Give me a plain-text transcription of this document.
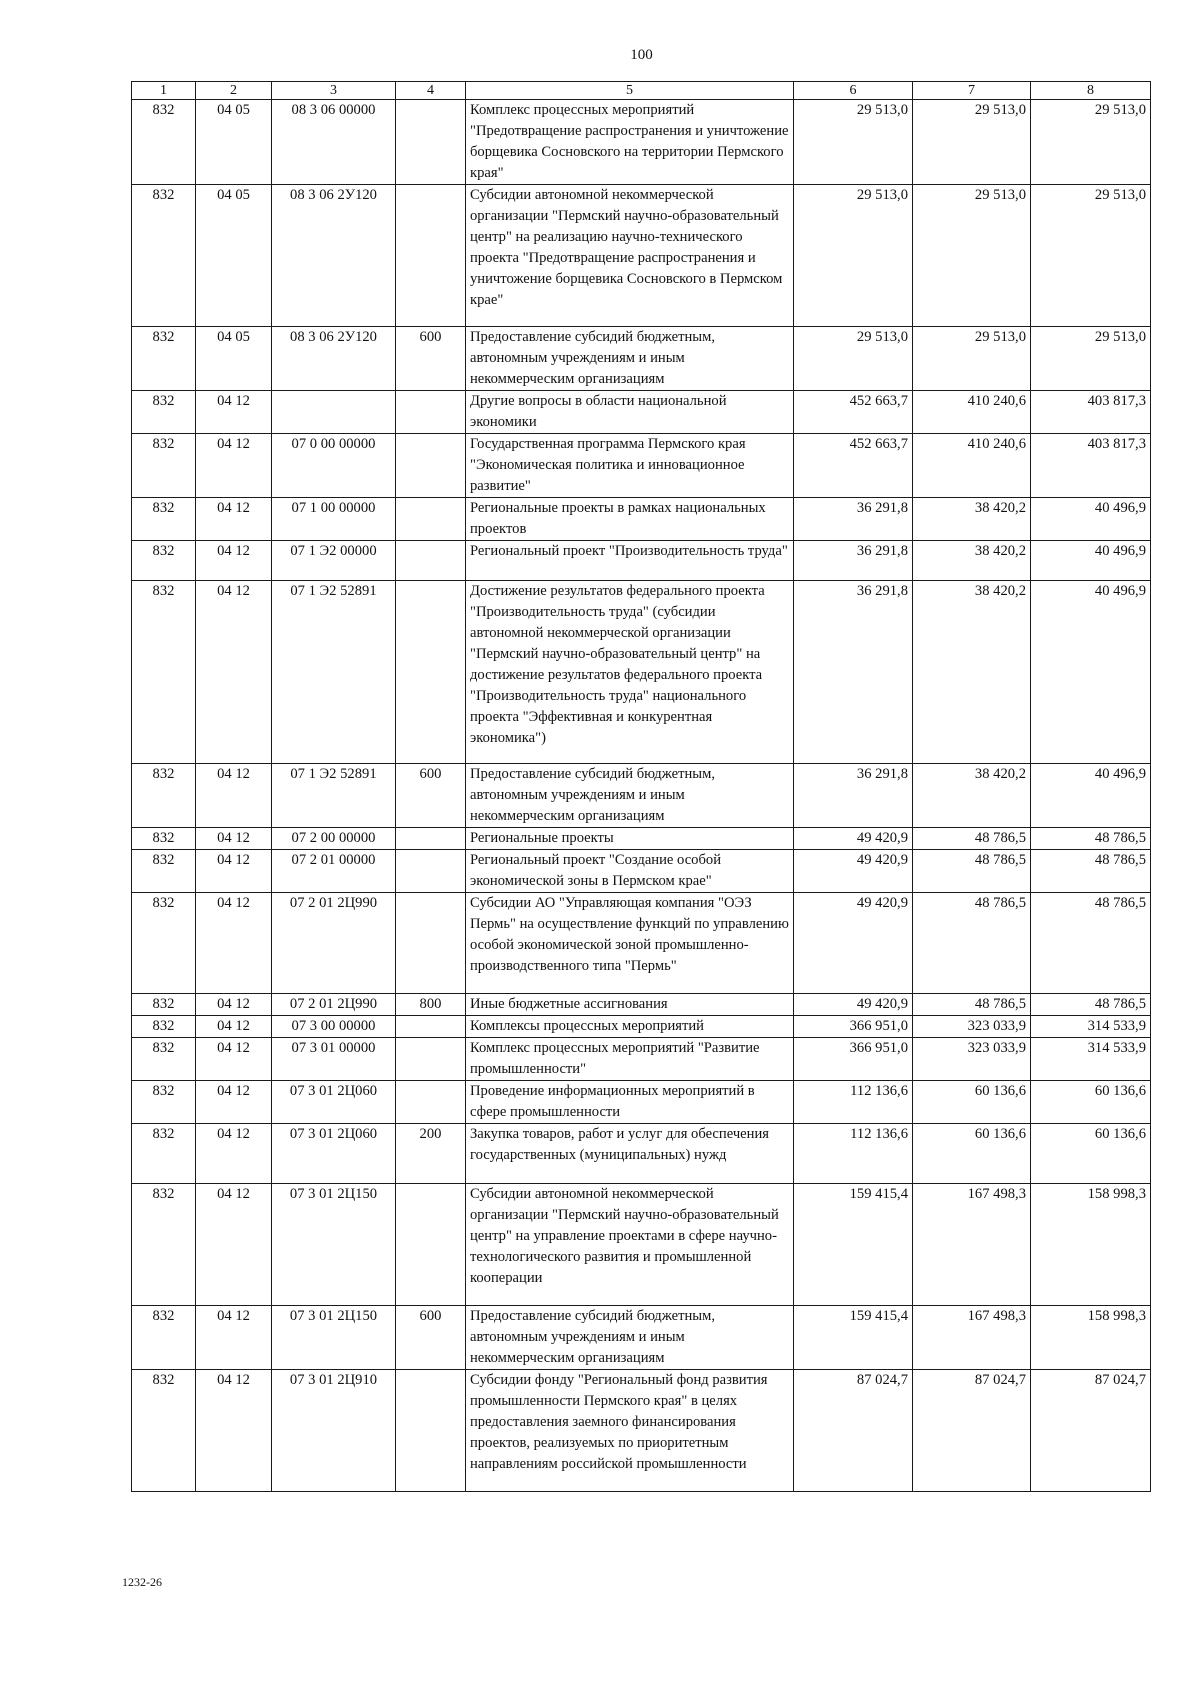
100
1	2	3	4	5	6	7	8
832	04 05	08 3 06 00000		Комплекс процессных мероприятий "Предотвращение распространения и уничтожение борщевика Сосновского на территории Пермского края"	29 513,0	29 513,0	29 513,0
832	04 05	08 3 06 2У120		Субсидии автономной некоммерческой организации "Пермский научно-образовательный центр" на реализацию научно-технического проекта "Предотвращение распространения и уничтожение борщевика Сосновского в Пермском крае"	29 513,0	29 513,0	29 513,0
832	04 05	08 3 06 2У120	600	Предоставление субсидий бюджетным, автономным учреждениям и иным некоммерческим организациям	29 513,0	29 513,0	29 513,0
832	04 12			Другие вопросы в области национальной экономики	452 663,7	410 240,6	403 817,3
832	04 12	07 0 00 00000		Государственная программа Пермского края "Экономическая политика и инновационное развитие"	452 663,7	410 240,6	403 817,3
832	04 12	07 1 00 00000		Региональные проекты в рамках национальных проектов	36 291,8	38 420,2	40 496,9
832	04 12	07 1 Э2 00000		Региональный проект "Производительность труда"	36 291,8	38 420,2	40 496,9
832	04 12	07 1 Э2 52891		Достижение результатов федерального проекта "Производительность труда" (субсидии автономной некоммерческой организации "Пермский научно-образовательный центр" на достижение результатов федерального проекта "Производительность труда" национального проекта "Эффективная и конкурентная экономика")	36 291,8	38 420,2	40 496,9
832	04 12	07 1 Э2 52891	600	Предоставление субсидий бюджетным, автономным учреждениям и иным некоммерческим организациям	36 291,8	38 420,2	40 496,9
832	04 12	07 2 00 00000		Региональные проекты	49 420,9	48 786,5	48 786,5
832	04 12	07 2 01 00000		Региональный проект "Создание особой экономической зоны в Пермском крае"	49 420,9	48 786,5	48 786,5
832	04 12	07 2 01 2Ц990		Субсидии АО "Управляющая компания "ОЭЗ Пермь" на осуществление функций по управлению особой экономической зоной промышленно-производственного типа "Пермь"	49 420,9	48 786,5	48 786,5
832	04 12	07 2 01 2Ц990	800	Иные бюджетные ассигнования	49 420,9	48 786,5	48 786,5
832	04 12	07 3 00 00000		Комплексы процессных мероприятий	366 951,0	323 033,9	314 533,9
832	04 12	07 3 01 00000		Комплекс процессных мероприятий "Развитие промышленности"	366 951,0	323 033,9	314 533,9
832	04 12	07 3 01 2Ц060		Проведение информационных мероприятий в сфере промышленности	112 136,6	60 136,6	60 136,6
832	04 12	07 3 01 2Ц060	200	Закупка товаров, работ и услуг для обеспечения государственных (муниципальных) нужд	112 136,6	60 136,6	60 136,6
832	04 12	07 3 01 2Ц150		Субсидии автономной некоммерческой организации "Пермский научно-образовательный центр" на управление проектами в сфере научно-технологического развития и промышленной кооперации	159 415,4	167 498,3	158 998,3
832	04 12	07 3 01 2Ц150	600	Предоставление субсидий бюджетным, автономным учреждениям и иным некоммерческим организациям	159 415,4	167 498,3	158 998,3
832	04 12	07 3 01 2Ц910		Субсидии фонду "Региональный фонд развития промышленности Пермского края" в целях предоставления заемного финансирования проектов, реализуемых по приоритетным направлениям российской промышленности	87 024,7	87 024,7	87 024,7
1232-26
